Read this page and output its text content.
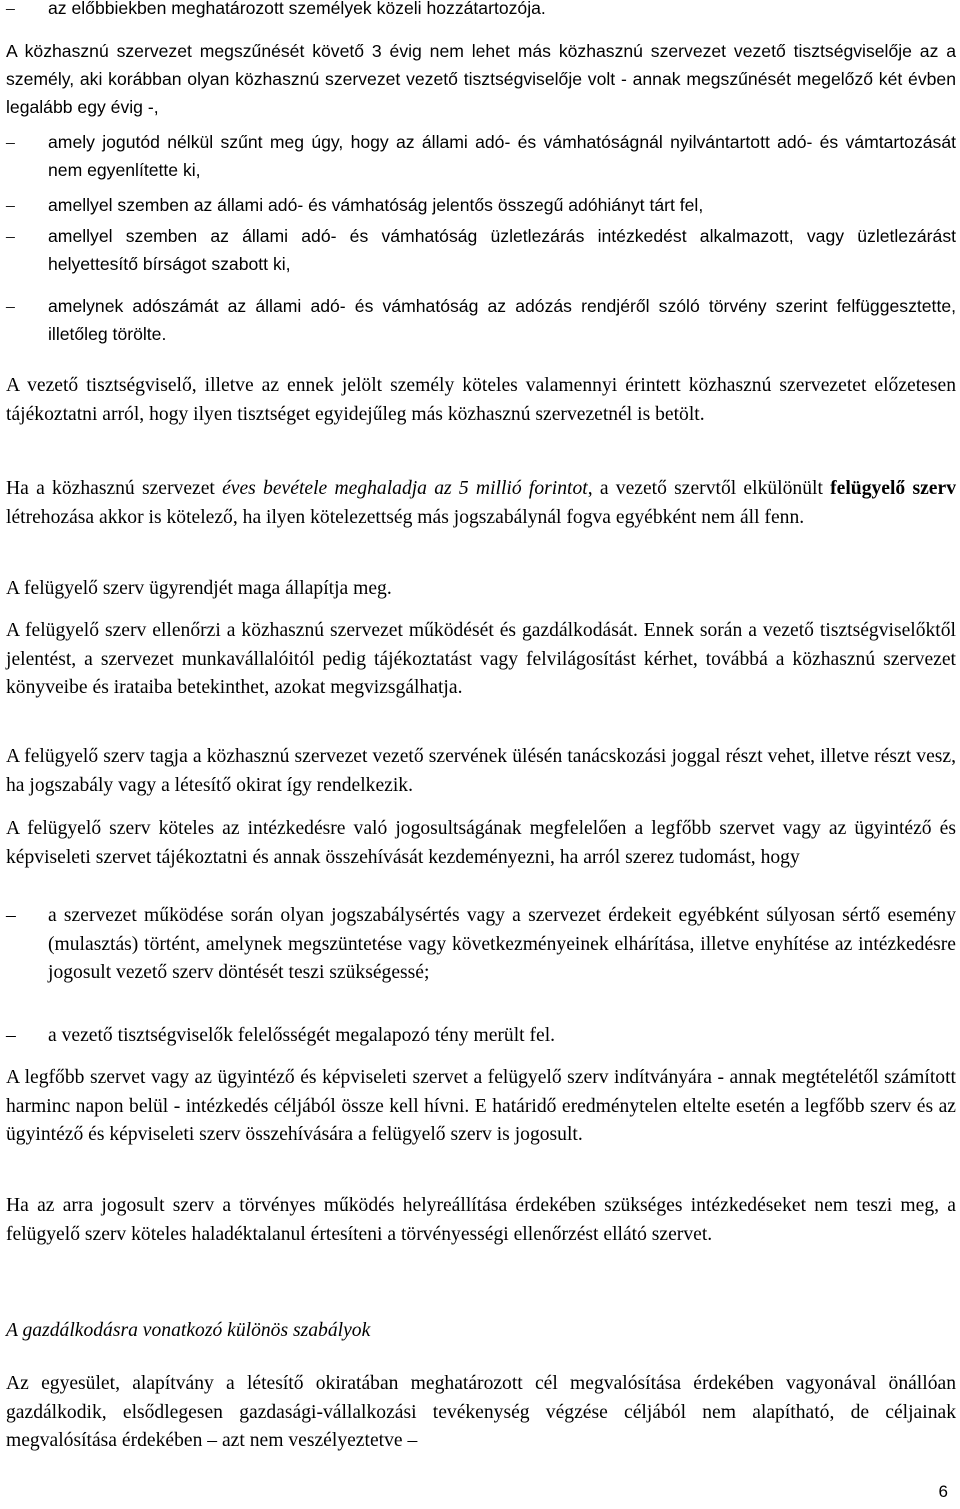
– az előbbiekben meghatározott személyek közeli hozzátartozója.

A közhasznú szervezet megszűnését követő 3 évig nem lehet más közhasznú szervezet vezető tisztségviselője az a személy, aki korábban olyan közhasznú szervezet vezető tisztségviselője volt - annak megszűnését megelőző két évben legalább egy évig -,

– amely jogutód nélkül szűnt meg úgy, hogy az állami adó- és vámhatóságnál nyilvántartott adó- és vámtartozását nem egyenlítette ki,
– amellyel szemben az állami adó- és vámhatóság jelentős összegű adóhiányt tárt fel,
– amellyel szemben az állami adó- és vámhatóság üzletlezárás intézkedést alkalmazott, vagy üzletlezárást helyettesítő bírságot szabott ki,
– amelynek adószámát az állami adó- és vámhatóság az adózás rendjéről szóló törvény szerint felfüggesztette, illetőleg törölte.

A vezető tisztségviselő, illetve az ennek jelölt személy köteles valamennyi érintett közhasznú szervezetet előzetesen tájékoztatni arról, hogy ilyen tisztséget egyidejűleg más közhasznú szervezetnél is betölt.

Ha a közhasznú szervezet éves bevétele meghaladja az 5 millió forintot, a vezető szervtől elkülönült felügyelő szerv létrehozása akkor is kötelező, ha ilyen kötelezettség más jogszabálynál fogva egyébként nem áll fenn.

A felügyelő szerv ügyrendjét maga állapítja meg.

A felügyelő szerv ellenőrzi a közhasznú szervezet működését és gazdálkodását. Ennek során a vezető tisztségviselőktől jelentést, a szervezet munkavállalóitól pedig tájékoztatást vagy felvilágosítást kérhet, továbbá a közhasznú szervezet könyveibe és irataiba betekinthet, azokat megvizsgálhatja.

A felügyelő szerv tagja a közhasznú szervezet vezető szervének ülésén tanácskozási joggal részt vehet, illetve részt vesz, ha jogszabály vagy a létesítő okirat így rendelkezik.

A felügyelő szerv köteles az intézkedésre való jogosultságának megfelelően a legfőbb szervet vagy az ügyintéző és képviseleti szervet tájékoztatni és annak összehívását kezdeményezni, ha arról szerez tudomást, hogy

– a szervezet működése során olyan jogszabálysértés vagy a szervezet érdekeit egyébként súlyosan sértő esemény (mulasztás) történt, amelynek megszüntetése vagy következményeinek elhárítása, illetve enyhítése az intézkedésre jogosult vezető szerv döntését teszi szükségessé;
– a vezető tisztségviselők felelősségét megalapozó tény merült fel.

A legfőbb szervet vagy az ügyintéző és képviseleti szervet a felügyelő szerv indítványára - annak megtételétől számított harminc napon belül - intézkedés céljából össze kell hívni. E határidő eredménytelen eltelte esetén a legfőbb szerv és az ügyintéző és képviseleti szerv összehívására a felügyelő szerv is jogosult.

Ha az arra jogosult szerv a törvényes működés helyreállítása érdekében szükséges intézkedéseket nem teszi meg, a felügyelő szerv köteles haladéktalanul értesíteni a törvényességi ellenőrzést ellátó szervet.

A gazdálkodásra vonatkozó különös szabályok

Az egyesület, alapítvány a létesítő okiratában meghatározott cél megvalósítása érdekében vagyonával önállóan gazdálkodik, elsődlegesen gazdasági-vállalkozási tevékenység végzése céljából nem alapítható, de céljainak megvalósítása érdekében – azt nem veszélyeztetve –

6
